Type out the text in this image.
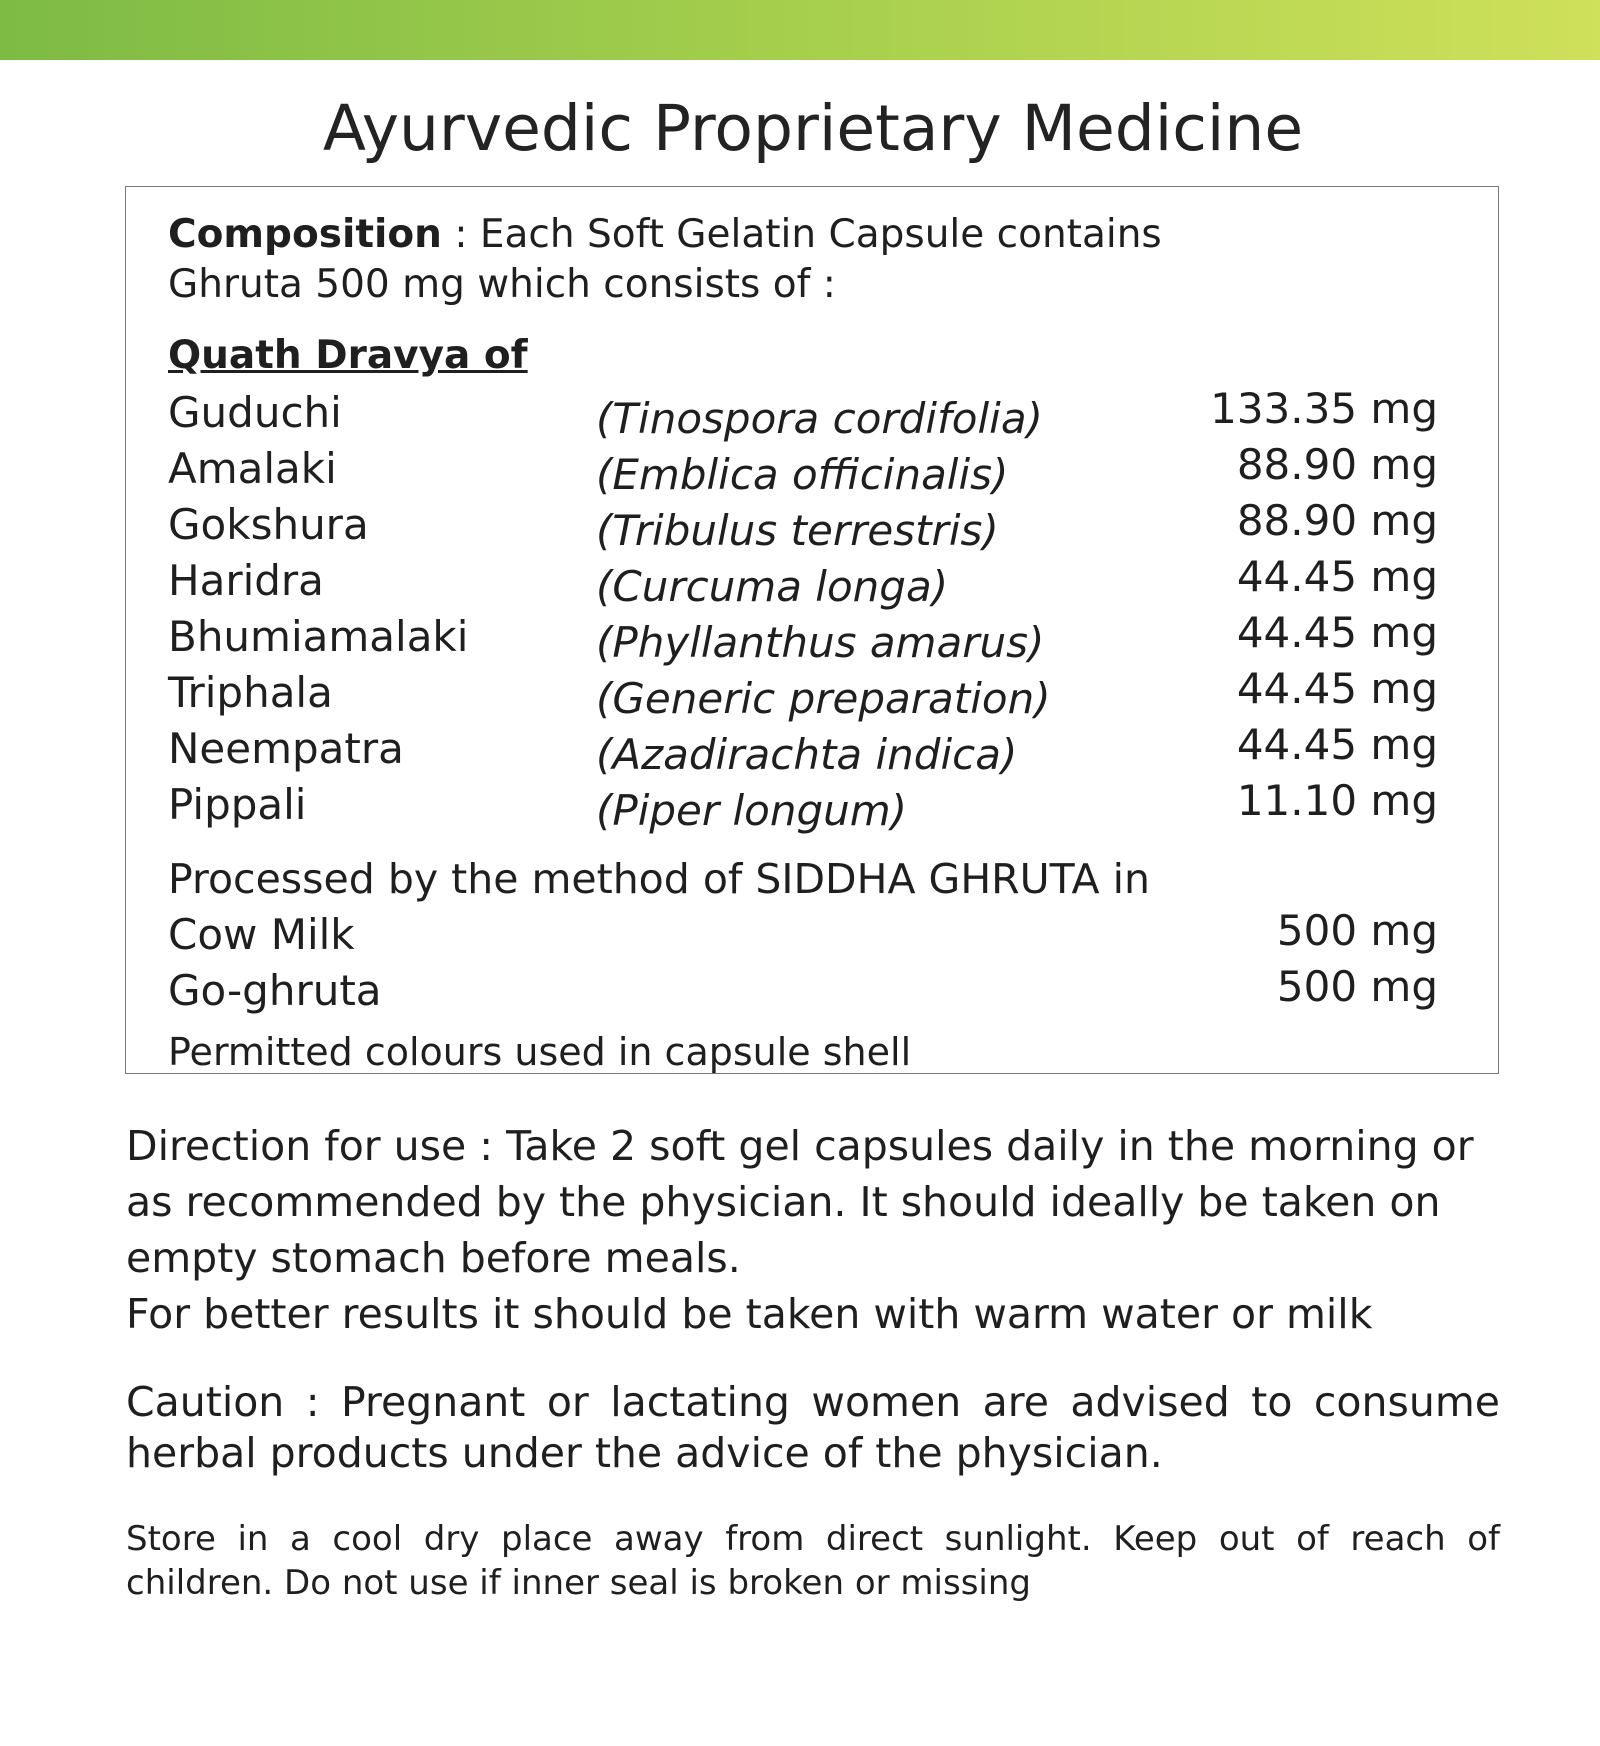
Ayurvedic Proprietary Medicine
Composition : Each Soft Gelatin Capsule contains
Ghruta 500 mg which consists of :
Quath Dravya of
Guduchi	(Tinospora cordifolia)	133.35 mg
Amalaki	(Emblica officinalis)	88.90 mg
Gokshura	(Tribulus terrestris)	88.90 mg
Haridra	(Curcuma longa)	44.45 mg
Bhumiamalaki	(Phyllanthus amarus)	44.45 mg
Triphala	(Generic preparation)	44.45 mg
Neempatra	(Azadirachta indica)	44.45 mg
Pippali	(Piper longum)	11.10 mg
Processed by the method of SIDDHA GHRUTA in
Cow Milk	500 mg
Go-ghruta	500 mg
Permitted colours used in capsule shell
Direction for use : Take 2 soft gel capsules daily in the morning or
as recommended by the physician. It should ideally be taken on
empty stomach before meals.
For better results it should be taken with warm water or milk
Caution : Pregnant or lactating women are advised to consume
herbal products under the advice of the physician.
Store in a cool dry place away from direct sunlight. Keep out of reach of
children. Do not use if inner seal is broken or missing
